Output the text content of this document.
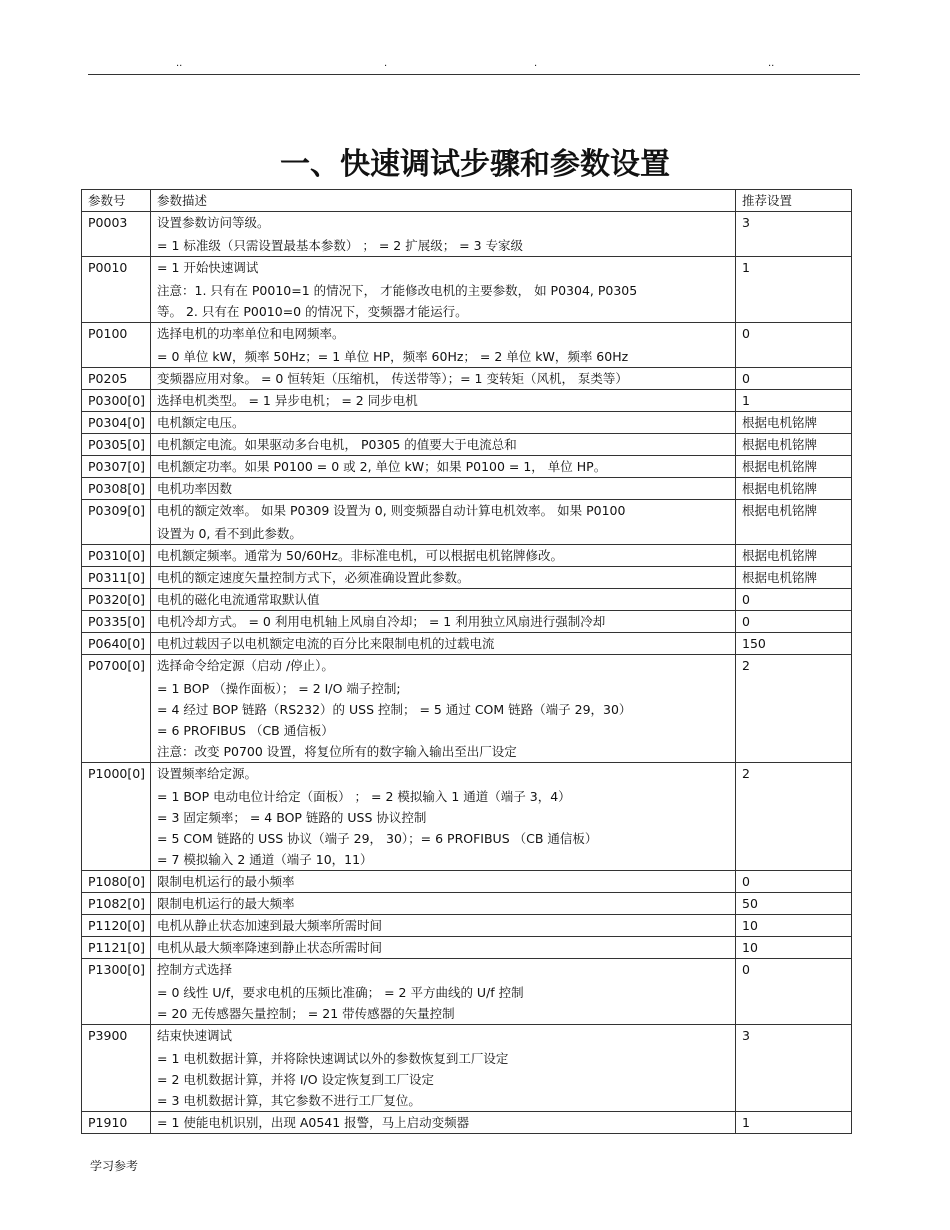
..	.	.	..
一、快速调试步骤和参数设置
参数号	参数描述	推荐设置
P0003	设置参数访问等级。
= 1 标准级（只需设置最基本参数） ； = 2 扩展级； = 3 专家级	3
P0010	= 1 开始快速调试
注意：1. 只有在 P0010=1 的情况下， 才能修改电机的主要参数， 如 P0304, P0305
等。 2. 只有在 P0010=0 的情况下，变频器才能运行。	1
P0100	选择电机的功率单位和电网频率。
= 0 单位 kW，频率 50Hz；= 1 单位 HP，频率 60Hz； = 2 单位 kW，频率 60Hz	0
P0205	变频器应用对象。 = 0 恒转矩（压缩机， 传送带等）；= 1 变转矩（风机， 泵类等）	0
P0300[0]	选择电机类型。 = 1 异步电机； = 2 同步电机	1
P0304[0]	电机额定电压。	根据电机铭牌
P0305[0]	电机额定电流。如果驱动多台电机， P0305 的值要大于电流总和	根据电机铭牌
P0307[0]	电机额定功率。如果 P0100 = 0 或 2, 单位 kW；如果 P0100 = 1， 单位 HP。	根据电机铭牌
P0308[0]	电机功率因数	根据电机铭牌
P0309[0]	电机的额定效率。 如果 P0309 设置为 0, 则变频器自动计算电机效率。 如果 P0100
设置为 0, 看不到此参数。	根据电机铭牌
P0310[0]	电机额定频率。通常为 50/60Hz。非标准电机，可以根据电机铭牌修改。	根据电机铭牌
P0311[0]	电机的额定速度矢量控制方式下，必须准确设置此参数。	根据电机铭牌
P0320[0]	电机的磁化电流通常取默认值	0
P0335[0]	电机冷却方式。 = 0 利用电机轴上风扇自冷却； = 1 利用独立风扇进行强制冷却	0
P0640[0]	电机过载因子以电机额定电流的百分比来限制电机的过载电流	150
P0700[0]	选择命令给定源（启动 /停止）。
= 1 BOP （操作面板）； = 2 I/O 端子控制;
= 4 经过 BOP 链路（RS232）的 USS 控制； = 5 通过 COM 链路（端子 29，30）
= 6 PROFIBUS （CB 通信板）
注意：改变 P0700 设置，将复位所有的数字输入输出至出厂设定	2
P1000[0]	设置频率给定源。
= 1 BOP 电动电位计给定（面板） ； = 2 模拟输入 1 通道（端子 3，4）
= 3 固定频率； = 4 BOP 链路的 USS 协议控制
= 5 COM 链路的 USS 协议（端子 29， 30）；= 6 PROFIBUS （CB 通信板）
= 7 模拟输入 2 通道（端子 10，11）	2
P1080[0]	限制电机运行的最小频率	0
P1082[0]	限制电机运行的最大频率	50
P1120[0]	电机从静止状态加速到最大频率所需时间	10
P1121[0]	电机从最大频率降速到静止状态所需时间	10
P1300[0]	控制方式选择
= 0 线性 U/f，要求电机的压频比准确； = 2 平方曲线的 U/f 控制
= 20 无传感器矢量控制； = 21 带传感器的矢量控制	0
P3900	结束快速调试
= 1 电机数据计算，并将除快速调试以外的参数恢复到工厂设定
= 2 电机数据计算，并将 I/O 设定恢复到工厂设定
= 3 电机数据计算，其它参数不进行工厂复位。	3
P1910	= 1 使能电机识别，出现 A0541 报警，马上启动变频器	1
学习参考
